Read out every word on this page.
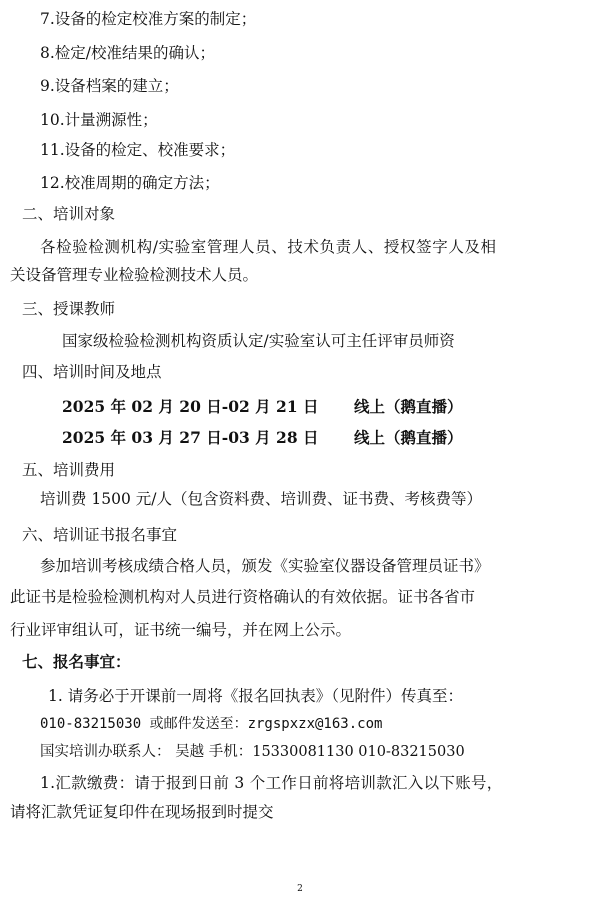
7.设备的检定校准方案的制定；
8.检定/校准结果的确认；
9.设备档案的建立；
10.计量溯源性；
11.设备的检定、校准要求；
12.校准周期的确定方法；
二、培训对象
各检验检测机构/实验室管理人员、技术负责人、授权签字人及相
关设备管理专业检验检测技术人员。
三、授课教师
国家级检验检测机构资质认定/实验室认可主任评审员师资
四、培训时间及地点
2025 年 02 月 20 日-02 月 21 日 线上（鹅直播）
2025 年 03 月 27 日-03 月 28 日 线上（鹅直播）
五、培训费用
培训费 1500 元/人（包含资料费、培训费、证书费、考核费等）
六、培训证书报名事宜
参加培训考核成绩合格人员，颁发《实验室仪器设备管理员证书》
此证书是检验检测机构对人员进行资格确认的有效依据。证书各省市
行业评审组认可，证书统一编号，并在网上公示。
七、报名事宜：
1. 请务必于开课前一周将《报名回执表》（见附件）传真至：
010-83215030 或邮件发送至：zrgspxzx@163.com
国实培训办联系人： 吴越 手机：15330081130 010-83215030
1.汇款缴费：请于报到日前 3 个工作日前将培训款汇入以下账号，
请将汇款凭证复印件在现场报到时提交
2
